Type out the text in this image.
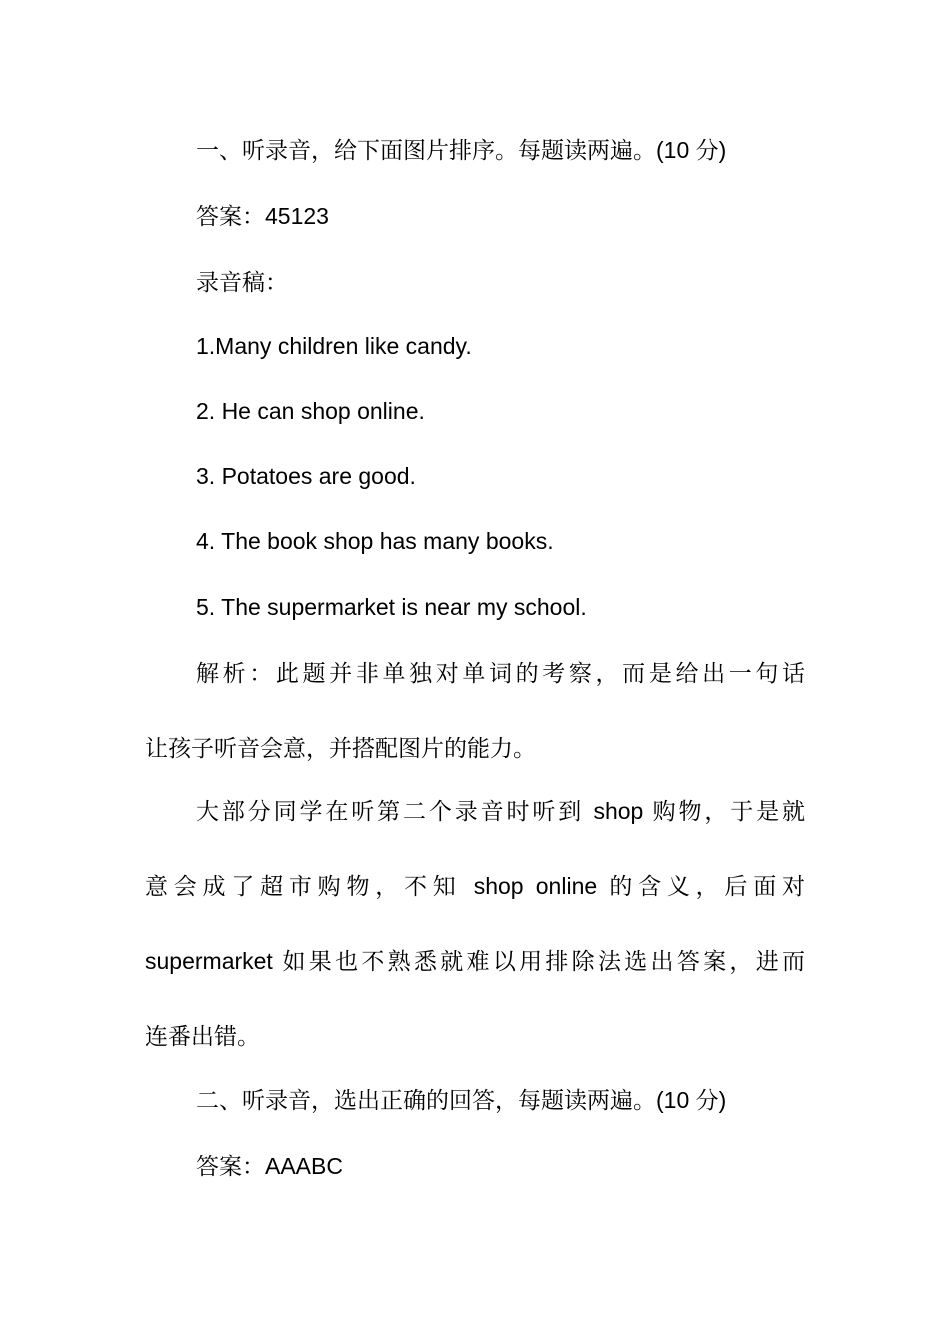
一、听录音，给下面图片排序。每题读两遍。(10 分)
答案：45123
录音稿：
1.Many children like candy.
2. He can shop online.
3. Potatoes are good.
4. The book shop has many books.
5. The supermarket is near my school.
解析：此题并非单独对单词的考察，而是给出一句话
让孩子听音会意，并搭配图片的能力。
大部分同学在听第二个录音时听到 shop 购物，于是就
意会成了超市购物，不知 shop online 的含义，后面对
supermarket 如果也不熟悉就难以用排除法选出答案，进而
连番出错。
二、听录音，选出正确的回答，每题读两遍。(10 分)
答案：AAABC
